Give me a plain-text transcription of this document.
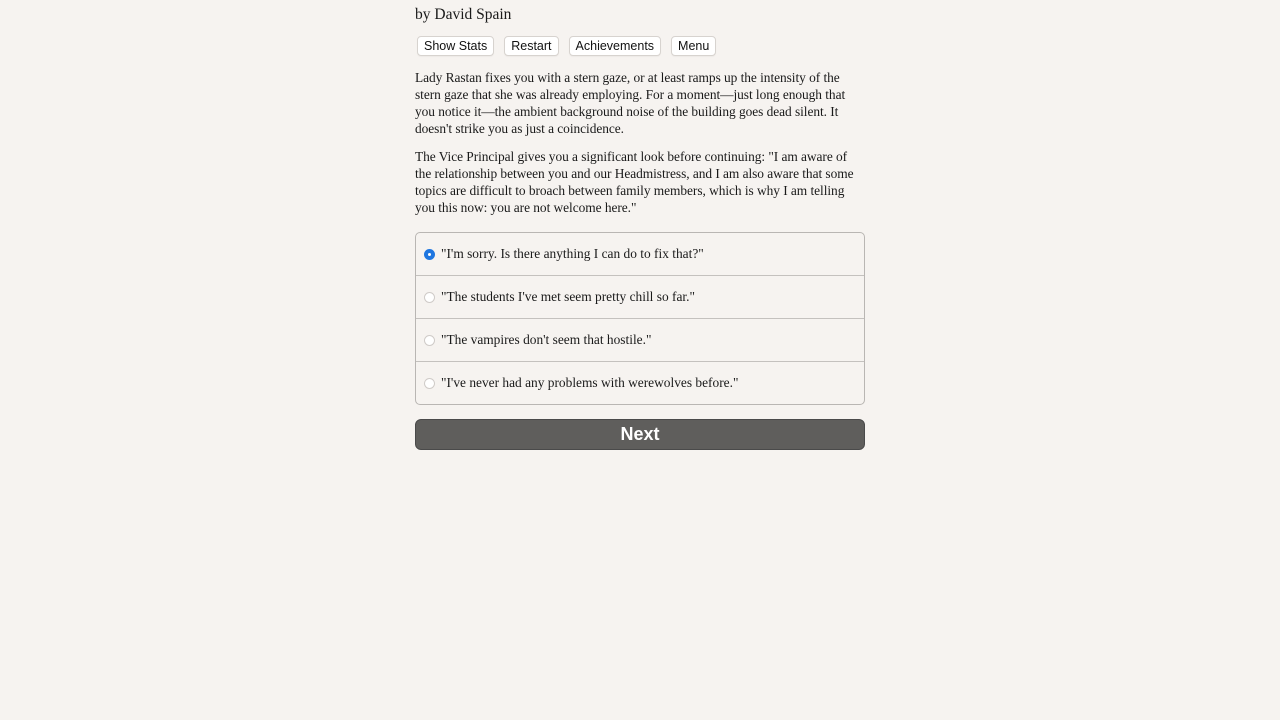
by David Spain
Show Stats	Restart	Achievements	Menu

Lady Rastan fixes you with a stern gaze, or at least ramps up the intensity of the stern gaze that she was already employing. For a moment—just long enough that you notice it—the ambient background noise of the building goes dead silent. It doesn't strike you as just a coincidence.

The Vice Principal gives you a significant look before continuing: "I am aware of the relationship between you and our Headmistress, and I am also aware that some topics are difficult to broach between family members, which is why I am telling you this now: you are not welcome here."

"I'm sorry. Is there anything I can do to fix that?"
"The students I've met seem pretty chill so far."
"The vampires don't seem that hostile."
"I've never had any problems with werewolves before."
Next
